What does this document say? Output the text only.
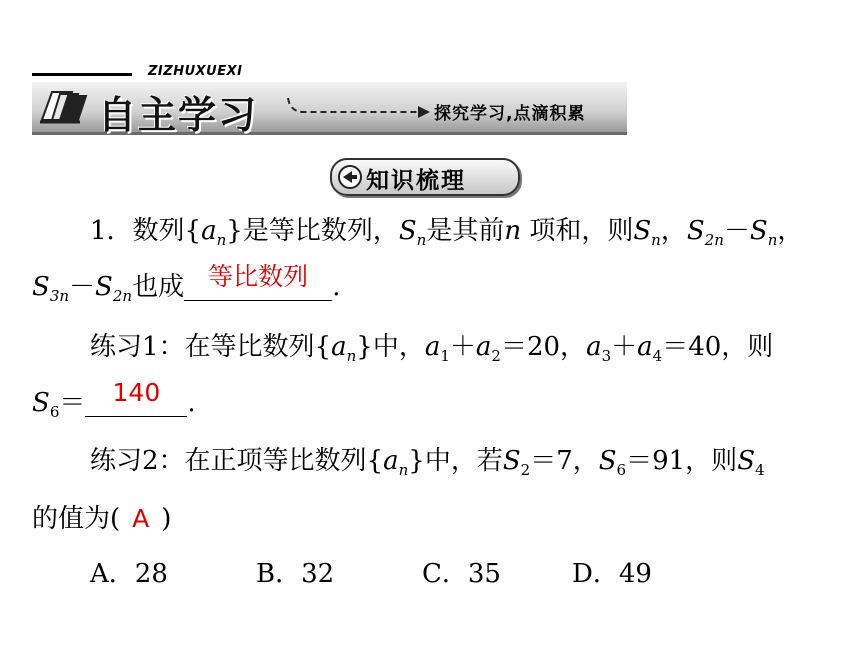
ZIZHUXUEXI
自主学习	探究学习,点滴积累
知识梳理
1．数列$\{a_n\}$是等比数列，$S_n$是其前n 项和，则$S_n$，$S_{2n}-S_n$，
$S_{3n}-S_{2n}$也成 等比数列 .
练习1：在等比数列$\{a_n\}$中，$a_1+a_2=20$，$a_3+a_4=40$，则
$S_6= 140$ .
练习2：在正项等比数列$\{a_n\}$中，若$S_2=7$，$S_6=91$，则$S_4$
的值为( A )
A．28	B．32	C．35	D．49
